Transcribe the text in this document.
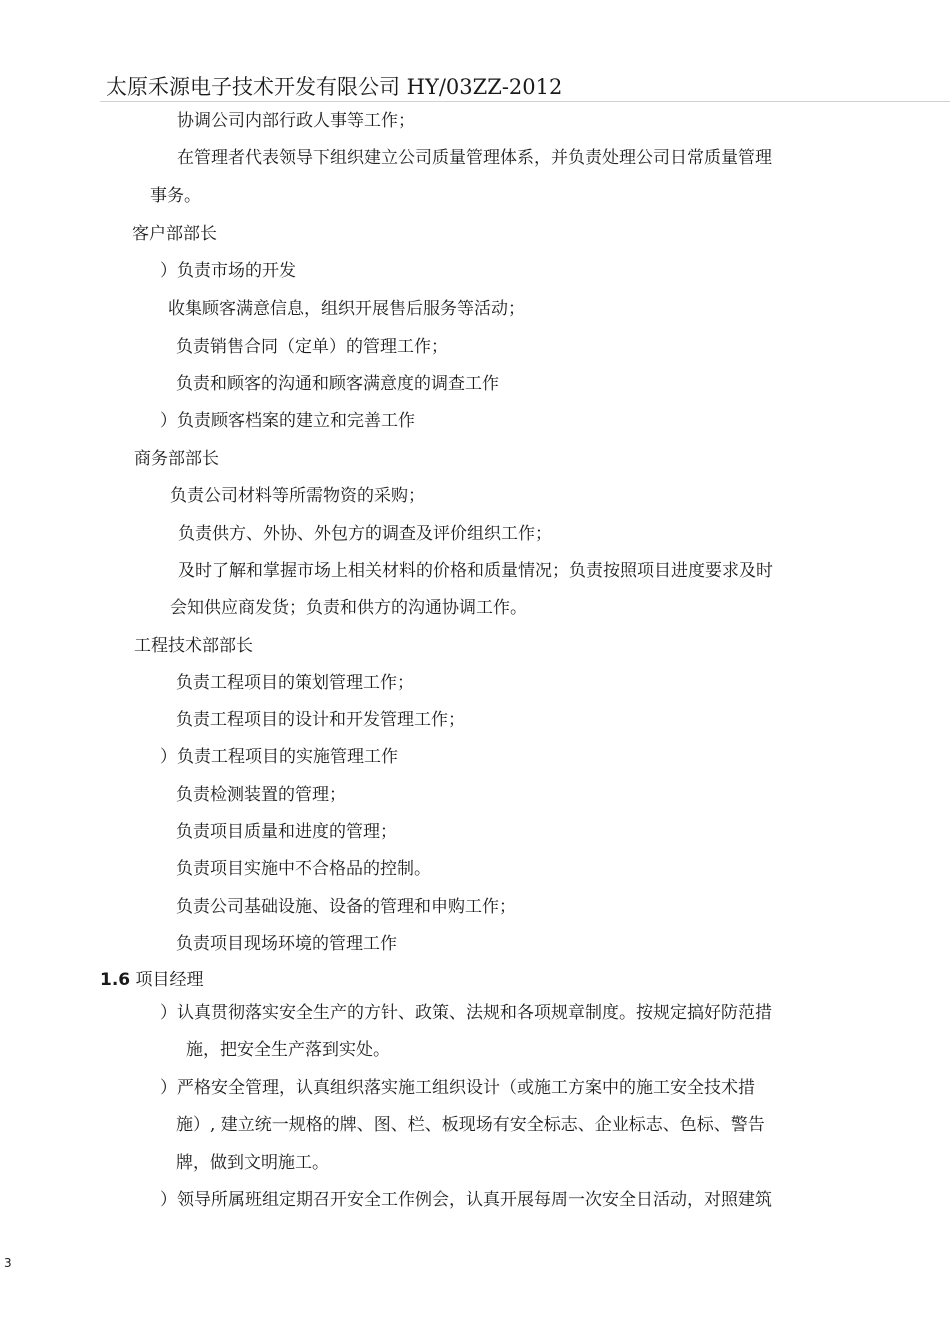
太原禾源电子技术开发有限公司 HY/03ZZ-2012
协调公司内部行政人事等工作；
在管理者代表领导下组织建立公司质量管理体系，并负责处理公司日常质量管理
事务。
客户部部长
）负责市场的开发
收集顾客满意信息，组织开展售后服务等活动；
负责销售合同（定单）的管理工作；
负责和顾客的沟通和顾客满意度的调查工作
）负责顾客档案的建立和完善工作
商务部部长
负责公司材料等所需物资的采购；
负责供方、外协、外包方的调查及评价组织工作；
及时了解和掌握市场上相关材料的价格和质量情况；负责按照项目进度要求及时
会知供应商发货；负责和供方的沟通协调工作。
工程技术部部长
负责工程项目的策划管理工作；
负责工程项目的设计和开发管理工作；
）负责工程项目的实施管理工作
负责检测装置的管理；
负责项目质量和进度的管理；
负责项目实施中不合格品的控制。
负责公司基础设施、设备的管理和申购工作；
负责项目现场环境的管理工作
1.6 项目经理
）认真贯彻落实安全生产的方针、政策、法规和各项规章制度。按规定搞好防范措
施，把安全生产落到实处。
）严格安全管理，认真组织落实施工组织设计（或施工方案中的施工安全技术措
施）, 建立统一规格的牌、图、栏、板现场有安全标志、企业标志、色标、警告
牌，做到文明施工。
）领导所属班组定期召开安全工作例会，认真开展每周一次安全日活动，对照建筑
3
